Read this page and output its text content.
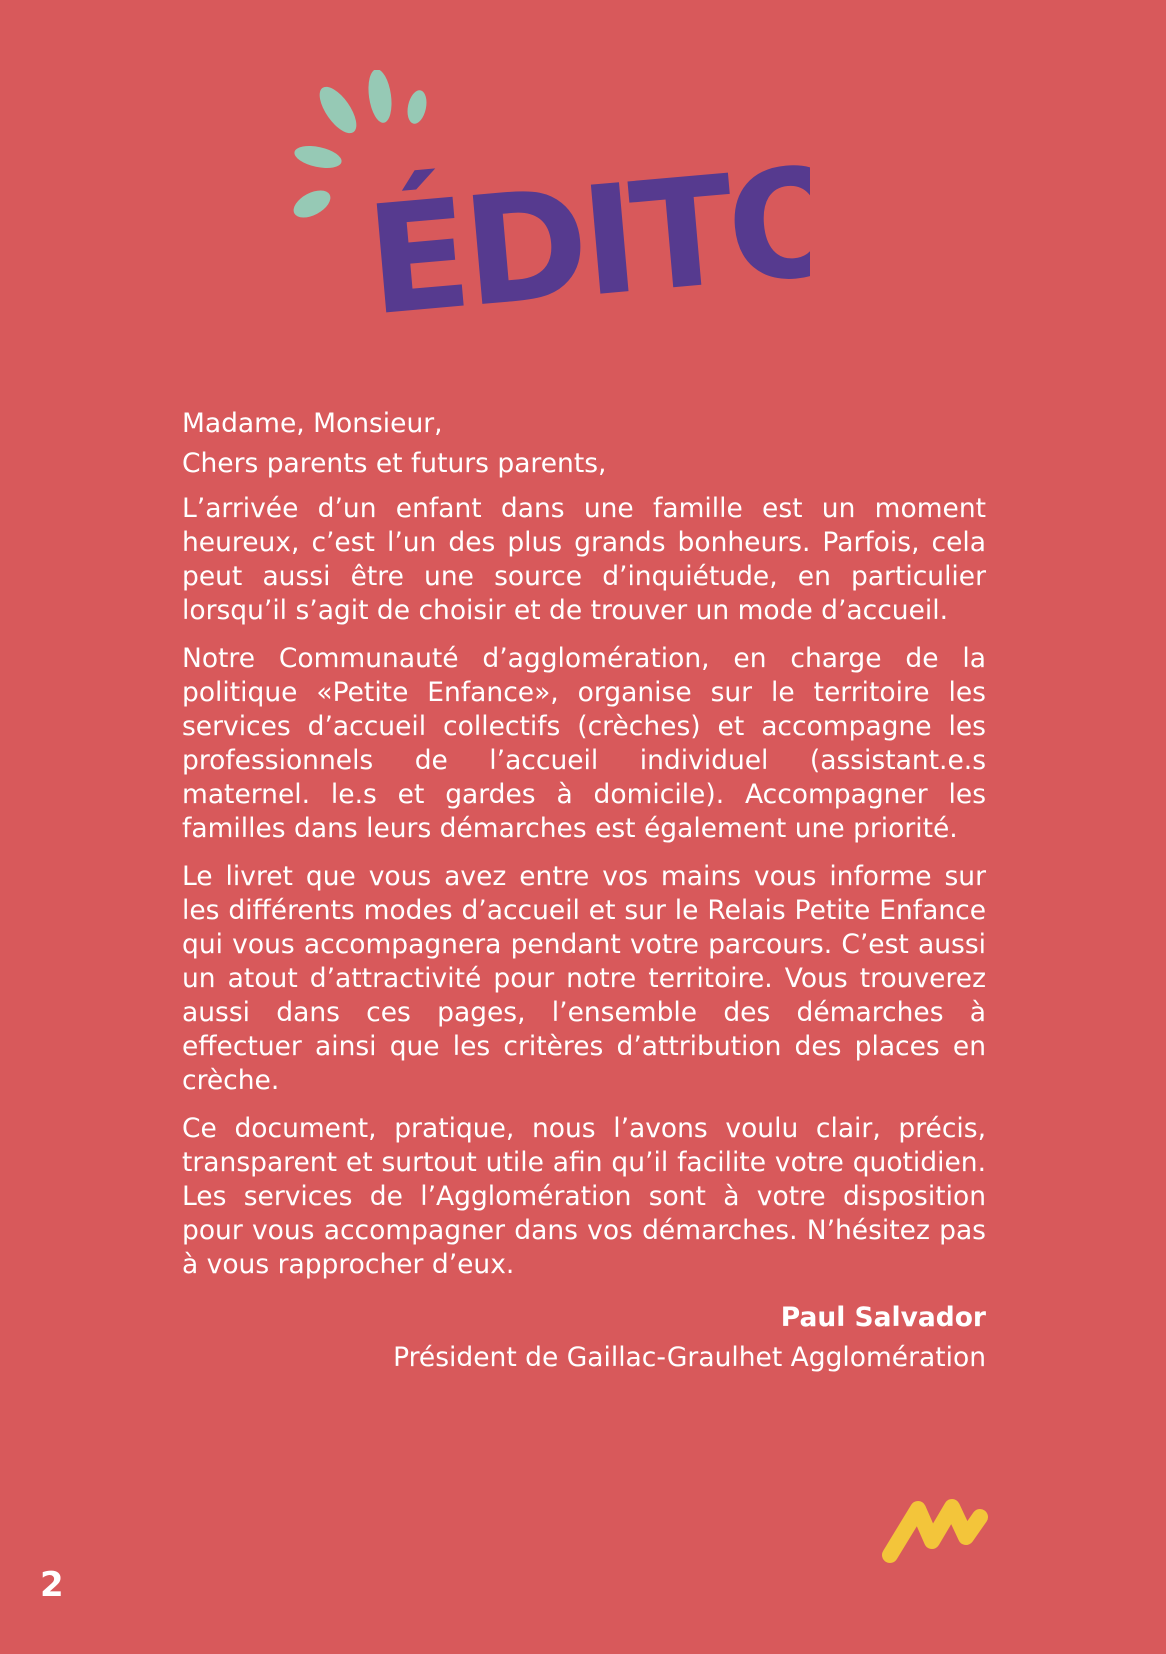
ÉDITO

Madame, Monsieur,
Chers parents et futurs parents,

L’arrivée d’un enfant dans une famille est un moment heureux, c’est l’un des plus grands bonheurs. Parfois, cela peut aussi être une source d’inquiétude, en particulier lorsqu’il s’agit de choisir et de trouver un mode d’accueil.

Notre Communauté d’agglomération, en charge de la politique «Petite Enfance», organise sur le territoire les services d’accueil collectifs (crèches) et accompagne les professionnels de l’accueil individuel (assistant.e.s maternel. le.s et gardes à domicile). Accompagner les familles dans leurs démarches est également une priorité.

Le livret que vous avez entre vos mains vous informe sur les différents modes d’accueil et sur le Relais Petite Enfance qui vous accompagnera pendant votre parcours. C’est aussi un atout d’attractivité pour notre territoire. Vous trouverez aussi dans ces pages, l’ensemble des démarches à effectuer ainsi que les critères d’attribution des places en crèche.

Ce document, pratique, nous l’avons voulu clair, précis, transparent et surtout utile afin qu’il facilite votre quotidien. Les services de l’Agglomération sont à votre disposition pour vous accompagner dans vos démarches. N’hésitez pas à vous rapprocher d’eux.

Paul Salvador
Président de Gaillac-Graulhet Agglomération
2
